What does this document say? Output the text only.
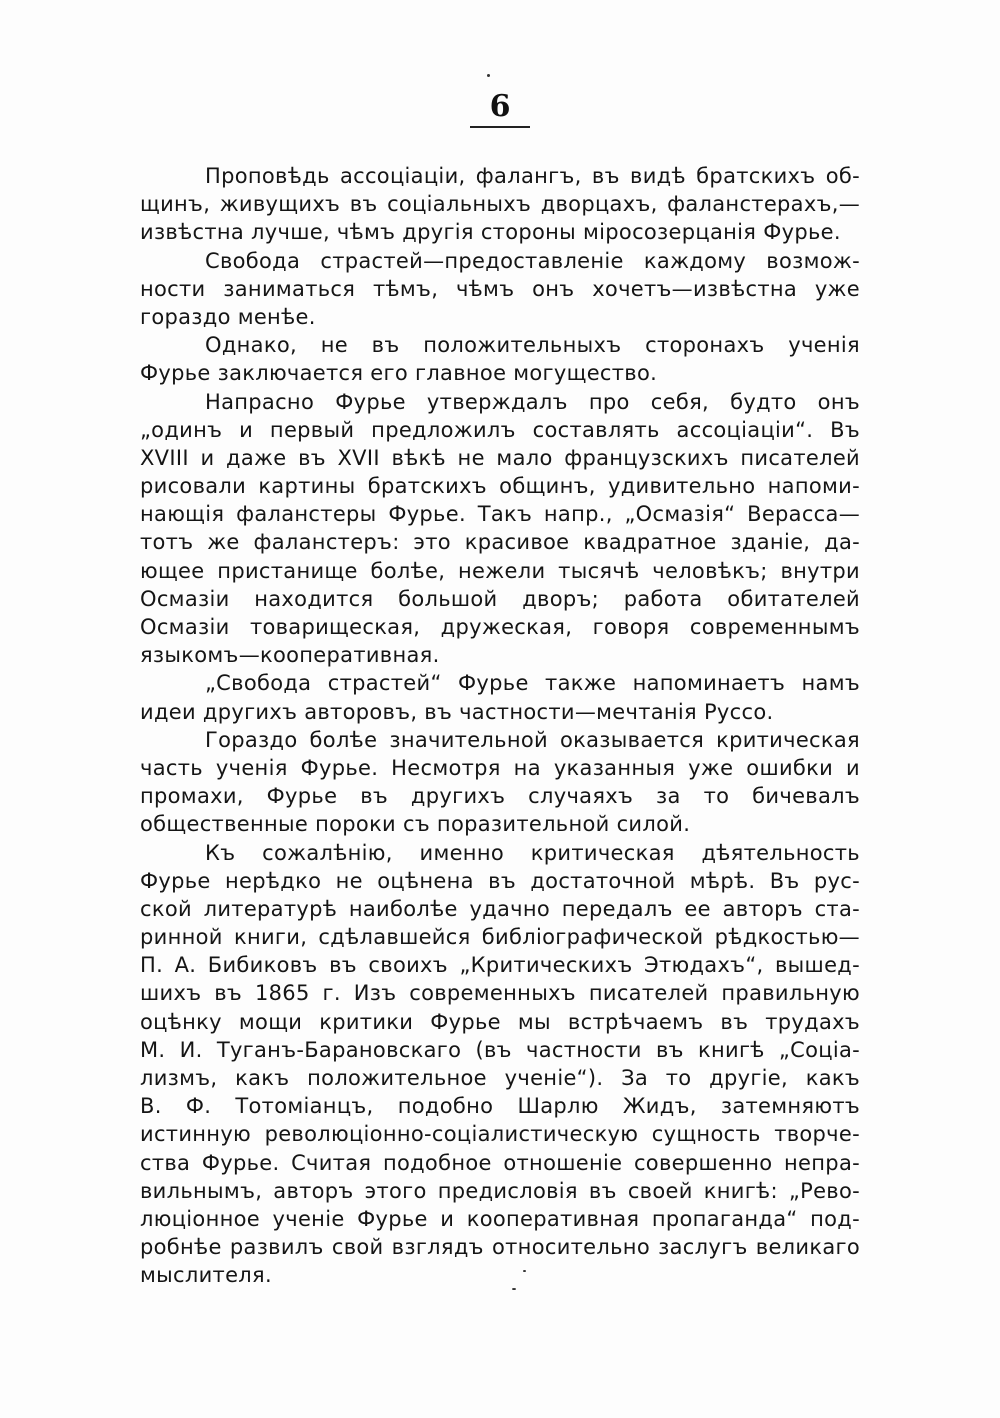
6
Проповѣдь ассоціаціи, фалангъ, въ видѣ братскихъ об-
щинъ, живущихъ въ соціальныхъ дворцахъ, фаланстерахъ,—
извѣстна лучше, чѣмъ другія стороны міросозерцанія Фурье.
Свобода страстей—предоставленіе каждому возмож-
ности заниматься тѣмъ, чѣмъ онъ хочетъ—извѣстна уже
гораздо менѣе.
Однако, не въ положительныхъ сторонахъ ученія
Фурье заключается его главное могущество.
Напрасно Фурье утверждалъ про себя, будто онъ
„одинъ и первый предложилъ составлять ассоціаціи“. Въ
XVIII и даже въ XVII вѣкѣ не мало французскихъ писателей
рисовали картины братскихъ общинъ, удивительно напоми-
нающія фаланстеры Фурье. Такъ напр., „Осмазія“ Верасса—
тотъ же фаланстеръ: это красивое квадратное зданіе, да-
ющее пристанище болѣе, нежели тысячѣ человѣкъ; внутри
Осмазіи находится большой дворъ; работа обитателей
Осмазіи товарищеская, дружеская, говоря современнымъ
языкомъ—кооперативная.
„Свобода страстей“ Фурье также напоминаетъ намъ
идеи другихъ авторовъ, въ частности—мечтанія Руссо.
Гораздо болѣе значительной оказывается критическая
часть ученія Фурье. Несмотря на указанныя уже ошибки и
промахи, Фурье въ другихъ случаяхъ за то бичевалъ
общественные пороки съ поразительной силой.
Къ сожалѣнію, именно критическая дѣятельность
Фурье нерѣдко не оцѣнена въ достаточной мѣрѣ. Въ рус-
ской литературѣ наиболѣе удачно передалъ ее авторъ ста-
ринной книги, сдѣлавшейся библіографической рѣдкостью—
П. А. Бибиковъ въ своихъ „Критическихъ Этюдахъ“, вышед-
шихъ въ 1865 г. Изъ современныхъ писателей правильную
оцѣнку мощи критики Фурье мы встрѣчаемъ въ трудахъ
М. И. Туганъ-Барановскаго (въ частности въ книгѣ „Соціа-
лизмъ, какъ положительное ученіе“). За то другіе, какъ
В. Ф. Тотоміанцъ, подобно Шарлю Жидъ, затемняютъ
истинную революціонно-соціалистическую сущность творче-
ства Фурье. Считая подобное отношеніе совершенно непра-
вильнымъ, авторъ этого предисловія въ своей книгѣ: „Рево-
люціонное ученіе Фурье и кооперативная пропаганда“ под-
робнѣе развилъ свой взглядъ относительно заслугъ великаго
мыслителя.
